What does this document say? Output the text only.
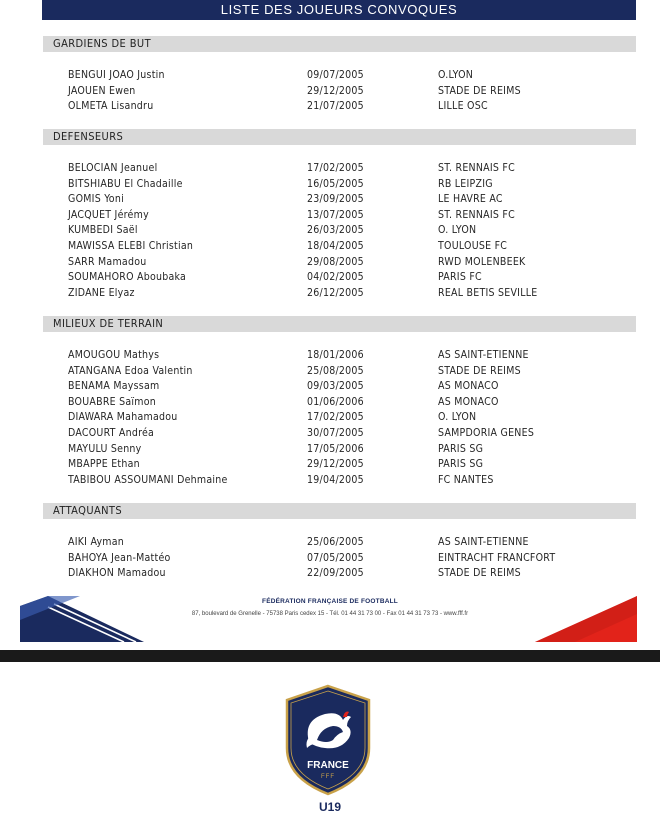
LISTE DES JOUEURS CONVOQUES
GARDIENS DE BUT
BENGUI JOAO Justin	09/07/2005	O.LYON
JAOUEN Ewen	29/12/2005	STADE DE REIMS
OLMETA Lisandru	21/07/2005	LILLE OSC
DEFENSEURS
BELOCIAN Jeanuel	17/02/2005	ST. RENNAIS FC
BITSHIABU El Chadaille	16/05/2005	RB LEIPZIG
GOMIS Yoni	23/09/2005	LE HAVRE AC
JACQUET Jérémy	13/07/2005	ST. RENNAIS FC
KUMBEDI Saël	26/03/2005	O. LYON
MAWISSA ELEBI Christian	18/04/2005	TOULOUSE FC
SARR Mamadou	29/08/2005	RWD MOLENBEEK
SOUMAHORO Aboubaka	04/02/2005	PARIS FC
ZIDANE Elyaz	26/12/2005	REAL BETIS SEVILLE
MILIEUX DE TERRAIN
AMOUGOU Mathys	18/01/2006	AS SAINT-ETIENNE
ATANGANA Edoa Valentin	25/08/2005	STADE DE REIMS
BENAMA Mayssam	09/03/2005	AS MONACO
BOUABRE Saïmon	01/06/2006	AS MONACO
DIAWARA Mahamadou	17/02/2005	O. LYON
DACOURT Andréa	30/07/2005	SAMPDORIA GENES
MAYULU Senny	17/05/2006	PARIS SG
MBAPPE Ethan	29/12/2005	PARIS SG
TABIBOU ASSOUMANI Dehmaine	19/04/2005	FC NANTES
ATTAQUANTS
AIKI Ayman	25/06/2005	AS SAINT-ETIENNE
BAHOYA Jean-Mattéo	07/05/2005	EINTRACHT FRANCFORT
DIAKHON Mamadou	22/09/2005	STADE DE REIMS
FÉDÉRATION FRANÇAISE DE FOOTBALL
87, boulevard de Grenelle - 75738 Paris cedex 15 - Tél. 01 44 31 73 00 - Fax 01 44 31 73 73 - www.fff.fr
FRANCE
FFF
U19
